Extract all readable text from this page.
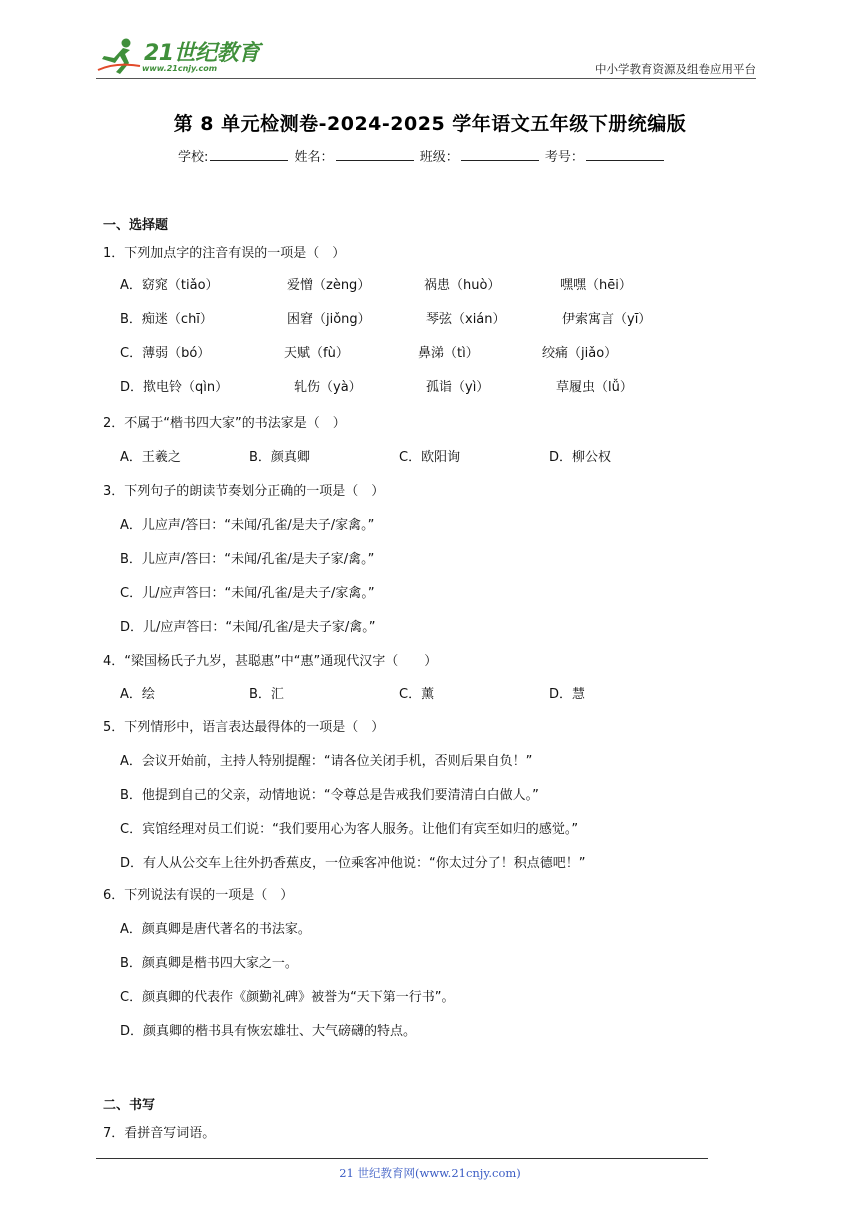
21世纪教育
www.21cnjy.com	中小学教育资源及组卷应用平台
第 8 单元检测卷-2024-2025 学年语文五年级下册统编版
学校:	姓名：	班级：	考号：
一、选择题
1．下列加点字的注音有误的一项是（　）
A．窈窕（tiǎo）	爱憎（zèng）	祸患（huò）	嘿嘿（hēi）
B．痴迷（chī）	困窘（jiǒng）	琴弦（xián）	伊索寓言（yī）
C．薄弱（bó）	天赋（fù）	鼻涕（tì）	绞痛（jiǎo）
D．揿电铃（qìn）	轧伤（yà）	孤诣（yì）	草履虫（lǚ）
2．不属于“楷书四大家”的书法家是（　）
A．王羲之	B．颜真卿	C．欧阳询	D．柳公权
3．下列句子的朗读节奏划分正确的一项是（　）
A．儿应声/答曰：“未闻/孔雀/是夫子/家禽。”
B．儿应声/答曰：“未闻/孔雀/是夫子家/禽。”
C．儿/应声答曰：“未闻/孔雀/是夫子/家禽。”
D．儿/应声答曰：“未闻/孔雀/是夫子家/禽。”
4．“梁国杨氏子九岁，甚聪惠”中“惠”通现代汉字（　　）
A．绘	B．汇	C．薰	D．慧
5．下列情形中，语言表达最得体的一项是（　）
A．会议开始前，主持人特别提醒：“请各位关闭手机，否则后果自负！”
B．他提到自己的父亲，动情地说：“令尊总是告戒我们要清清白白做人。”
C．宾馆经理对员工们说：“我们要用心为客人服务。让他们有宾至如归的感觉。”
D．有人从公交车上往外扔香蕉皮，一位乘客冲他说：“你太过分了！积点德吧！”
6．下列说法有误的一项是（　）
A．颜真卿是唐代著名的书法家。
B．颜真卿是楷书四大家之一。
C．颜真卿的代表作《颜勤礼碑》被誉为“天下第一行书”。
D．颜真卿的楷书具有恢宏雄壮、大气磅礴的特点。
二、书写
7．看拼音写词语。
21 世纪教育网(www.21cnjy.com)
